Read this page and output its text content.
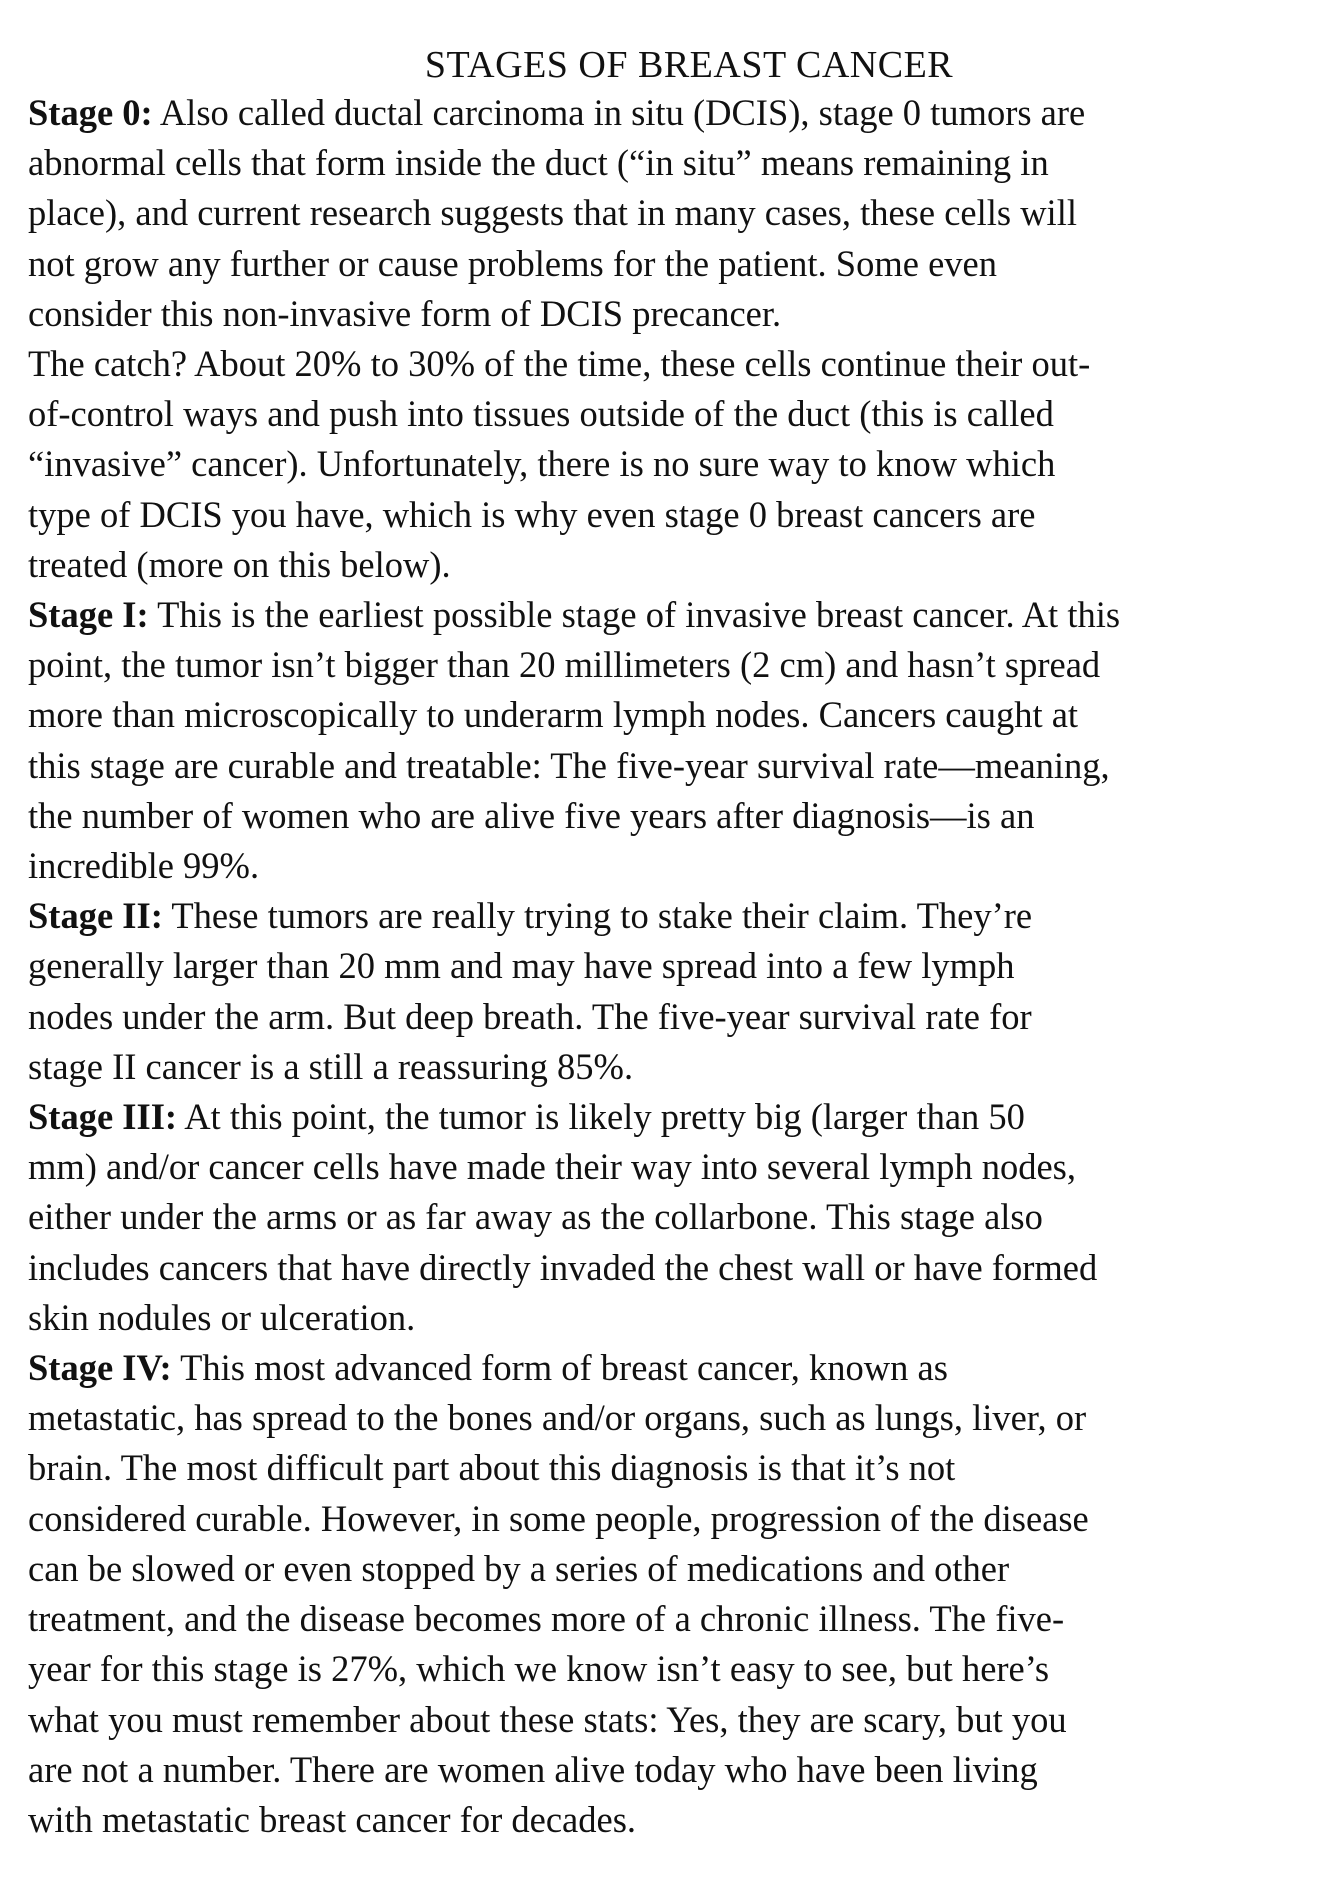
STAGES OF BREAST CANCER

Stage 0: Also called ductal carcinoma in situ (DCIS), stage 0 tumors are

abnormal cells that form inside the duct (“in situ” means remaining in

place), and current research suggests that in many cases, these cells will

not grow any further or cause problems for the patient. Some even

consider this non-invasive form of DCIS precancer.

The catch? About 20% to 30% of the time, these cells continue their out-

of-control ways and push into tissues outside of the duct (this is called

“invasive” cancer). Unfortunately, there is no sure way to know which

type of DCIS you have, which is why even stage 0 breast cancers are

treated (more on this below).

Stage I: This is the earliest possible stage of invasive breast cancer. At this

point, the tumor isn’t bigger than 20 millimeters (2 cm) and hasn’t spread

more than microscopically to underarm lymph nodes. Cancers caught at

this stage are curable and treatable: The five-year survival rate—meaning,

the number of women who are alive five years after diagnosis—is an

incredible 99%.

Stage II: These tumors are really trying to stake their claim. They’re

generally larger than 20 mm and may have spread into a few lymph

nodes under the arm. But deep breath. The five-year survival rate for

stage II cancer is a still a reassuring 85%.

Stage III: At this point, the tumor is likely pretty big (larger than 50

mm) and/or cancer cells have made their way into several lymph nodes,

either under the arms or as far away as the collarbone. This stage also

includes cancers that have directly invaded the chest wall or have formed

skin nodules or ulceration.

Stage IV: This most advanced form of breast cancer, known as

metastatic, has spread to the bones and/or organs, such as lungs, liver, or

brain. The most difficult part about this diagnosis is that it’s not

considered curable. However, in some people, progression of the disease

can be slowed or even stopped by a series of medications and other

treatment, and the disease becomes more of a chronic illness. The five-

year for this stage is 27%, which we know isn’t easy to see, but here’s

what you must remember about these stats: Yes, they are scary, but you

are not a number. There are women alive today who have been living

with metastatic breast cancer for decades.
